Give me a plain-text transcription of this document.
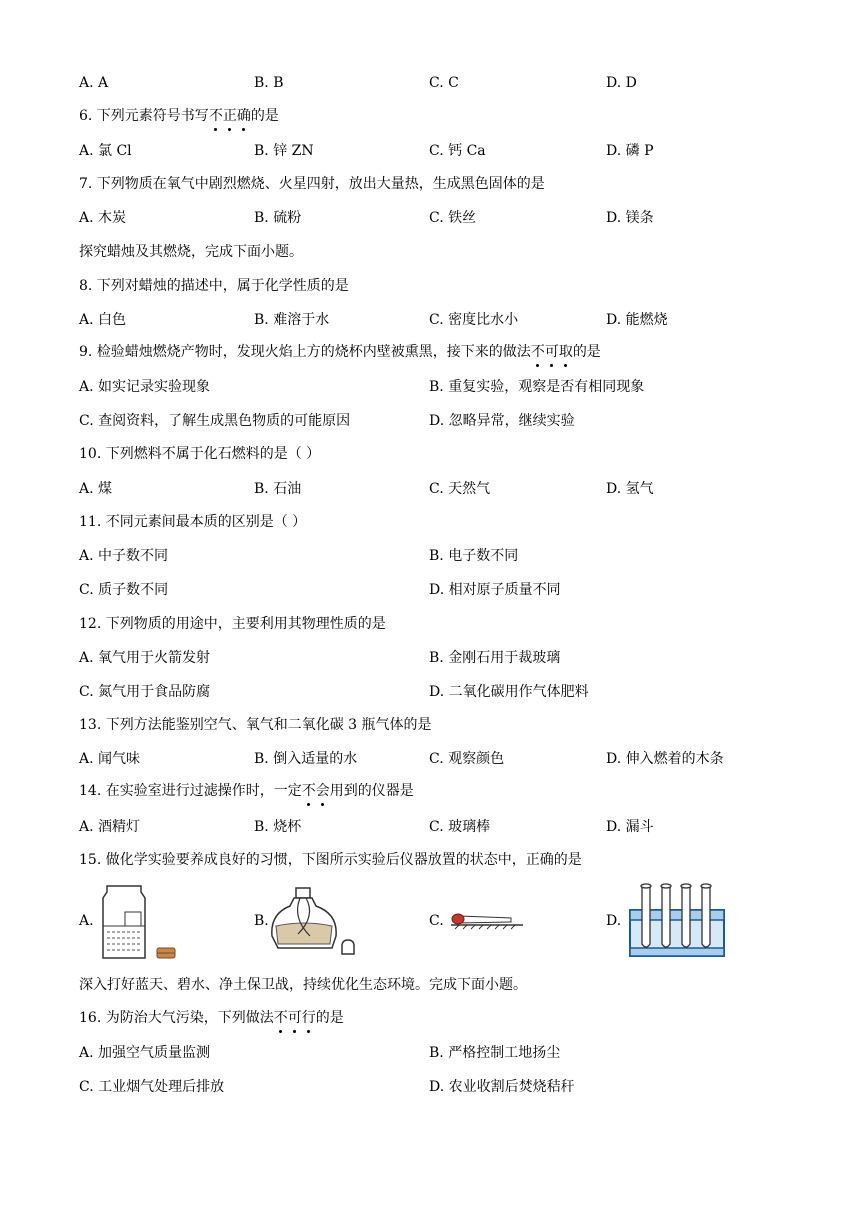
A. A	B. B	C. C	D. D
6. 下列元素符号书写不正确的是
A. 氯 Cl	B. 锌 ZN	C. 钙 Ca	D. 磷 P
7. 下列物质在氧气中剧烈燃烧、火星四射，放出大量热，生成黑色固体的是
A. 木炭	B. 硫粉	C. 铁丝	D. 镁条
探究蜡烛及其燃烧，完成下面小题。
8. 下列对蜡烛的描述中，属于化学性质的是
A. 白色	B. 难溶于水	C. 密度比水小	D. 能燃烧
9. 检验蜡烛燃烧产物时，发现火焰上方的烧杯内壁被熏黑，接下来的做法不可取的是
A. 如实记录实验现象	B. 重复实验，观察是否有相同现象
C. 查阅资料，了解生成黑色物质的可能原因	D. 忽略异常，继续实验
10. 下列燃料不属于化石燃料的是（ ）
A. 煤	B. 石油	C. 天然气	D. 氢气
11. 不同元素间最本质的区别是（ ）
A. 中子数不同	B. 电子数不同
C. 质子数不同	D. 相对原子质量不同
12. 下列物质的用途中，主要利用其物理性质的是
A. 氧气用于火箭发射	B. 金刚石用于裁玻璃
C. 氮气用于食品防腐	D. 二氧化碳用作气体肥料
13. 下列方法能鉴别空气、氧气和二氧化碳 3 瓶气体的是
A. 闻气味	B. 倒入适量的水	C. 观察颜色	D. 伸入燃着的木条
14. 在实验室进行过滤操作时，一定不会用到的仪器是
A. 酒精灯	B. 烧杯	C. 玻璃棒	D. 漏斗
15. 做化学实验要养成良好的习惯，下图所示实验后仪器放置的状态中，正确的是
A.	B.	C.	D.
深入打好蓝天、碧水、净土保卫战，持续优化生态环境。完成下面小题。
16. 为防治大气污染，下列做法不可行的是
A. 加强空气质量监测	B. 严格控制工地扬尘
C. 工业烟气处理后排放	D. 农业收割后焚烧秸秆
